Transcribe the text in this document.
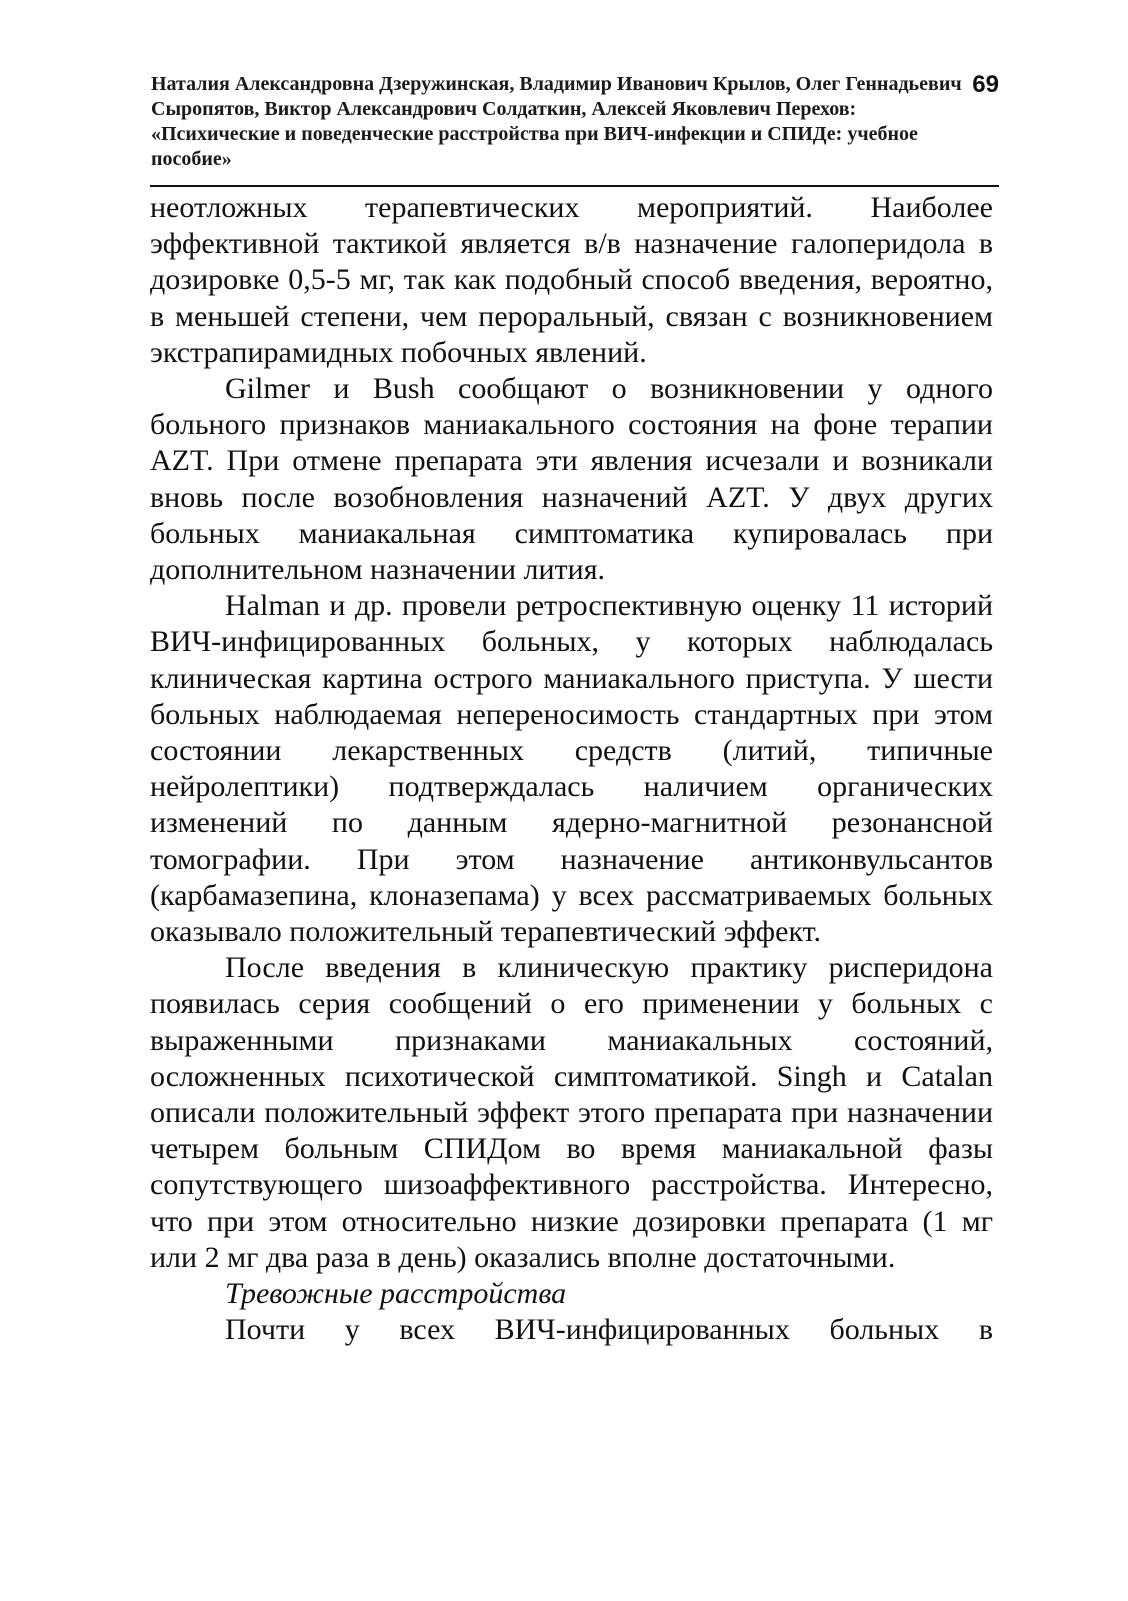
Наталия Александровна Дзеружинская, Владимир Иванович Крылов, Олег Геннадьевич Сыропятов, Виктор Александрович Солдаткин, Алексей Яковлевич Перехов: «Психические и поведенческие расстройства при ВИЧ-инфекции и СПИДе: учебное пособие»
69

неотложных терапевтических мероприятий. Наиболее эффективной тактикой является в/в назначение галоперидола в дозировке 0,5-5 мг, так как подобный способ введения, вероятно, в меньшей степени, чем пероральный, связан с возникновением экстрапирамидных побочных явлений.

Gilmer и Bush сообщают о возникновении у одного больного признаков маниакального состояния на фоне терапии AZT. При отмене препарата эти явления исчезали и возникали вновь после возобновления назначений AZT. У двух других больных маниакальная симптоматика купировалась при дополнительном назначении лития.

Halman и др. провели ретроспективную оценку 11 историй ВИЧ-инфицированных больных, у которых наблюдалась клиническая картина острого маниакального приступа. У шести больных наблюдаемая непереносимость стандартных при этом состоянии лекарственных средств (литий, типичные нейролептики) подтверждалась наличием органических изменений по данным ядерно-магнитной резонансной томографии. При этом назначение антиконвульсантов (карбамазепина, клоназепама) у всех рассматриваемых больных оказывало положительный терапевтический эффект.

После введения в клиническую практику рисперидона появилась серия сообщений о его применении у больных с выраженными признаками маниакальных состояний, осложненных психотической симптоматикой. Singh и Catalan описали положительный эффект этого препарата при назначении четырем больным СПИДом во время маниакальной фазы сопутствующего шизоаффективного расстройства. Интересно, что при этом относительно низкие дозировки препарата (1 мг или 2 мг два раза в день) оказались вполне достаточными.

Тревожные расстройства

Почти у всех ВИЧ-инфицированных больных в
